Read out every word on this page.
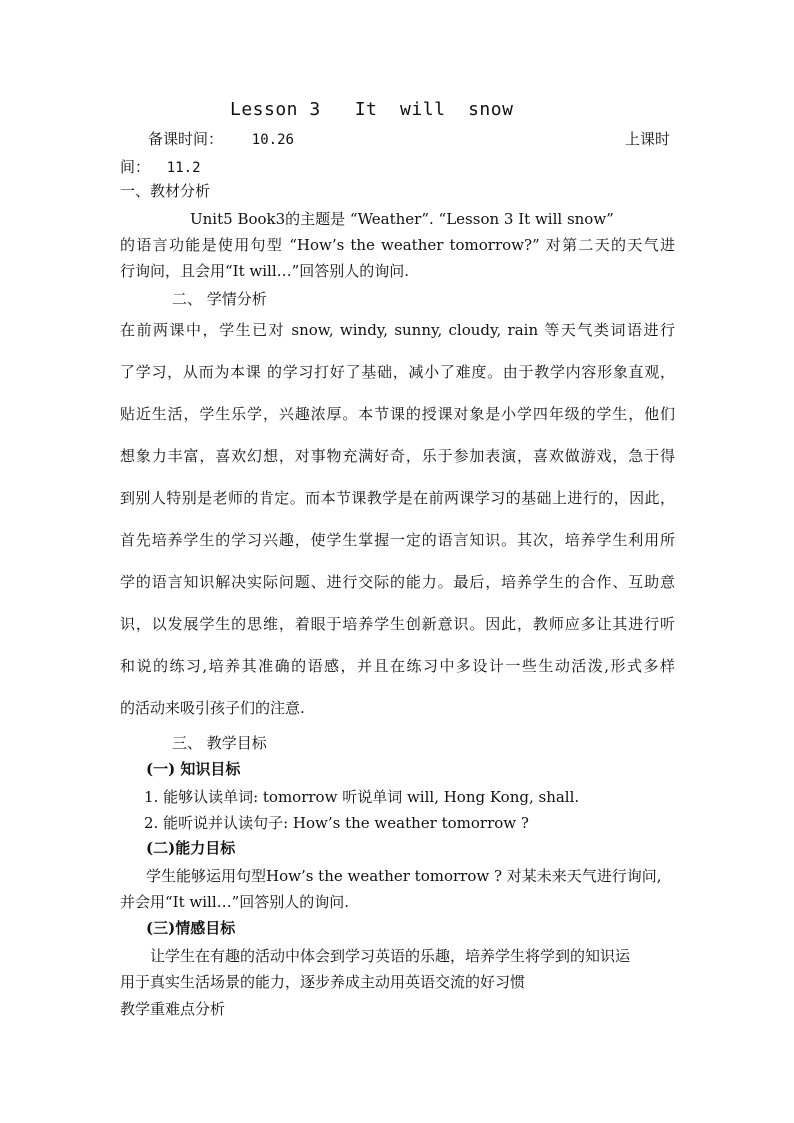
Lesson 3   It  will  snow
备课时间： 10.26	上课时
间： 11.2
一、教材分析
Unit5 Book3的主题是 “Weather”. “Lesson 3 It will snow”
的语言功能是使用句型 “How’s the weather tomorrow?” 对第二天的天气进
行询问，且会用“It will…”回答别人的询问.
二、 学情分析
在前两课中，学生已对 snow, windy, sunny, cloudy, rain 等天气类词语进行
了学习，从而为本课 的学习打好了基础，减小了难度。由于教学内容形象直观，
贴近生活，学生乐学，兴趣浓厚。本节课的授课对象是小学四年级的学生，他们
想象力丰富，喜欢幻想，对事物充满好奇，乐于参加表演，喜欢做游戏，急于得
到别人特别是老师的肯定。而本节课教学是在前两课学习的基础上进行的，因此，
首先培养学生的学习兴趣，使学生掌握一定的语言知识。其次，培养学生利用所
学的语言知识解决实际问题、进行交际的能力。最后，培养学生的合作、互助意
识，以发展学生的思维，着眼于培养学生创新意识。因此，教师应多让其进行听
和说的练习,培养其准确的语感，并且在练习中多设计一些生动活泼,形式多样
的活动来吸引孩子们的注意.
三、 教学目标
(一) 知识目标
1. 能够认读单词: tomorrow 听说单词 will, Hong Kong, shall.
2. 能听说并认读句子: How’s the weather tomorrow ?
(二)能力目标
学生能够运用句型How’s the weather tomorrow ? 对某未来天气进行询问,
并会用“It will…”回答别人的询问.
(三)情感目标
让学生在有趣的活动中体会到学习英语的乐趣，培养学生将学到的知识运
用于真实生活场景的能力，逐步养成主动用英语交流的好习惯
教学重难点分析
